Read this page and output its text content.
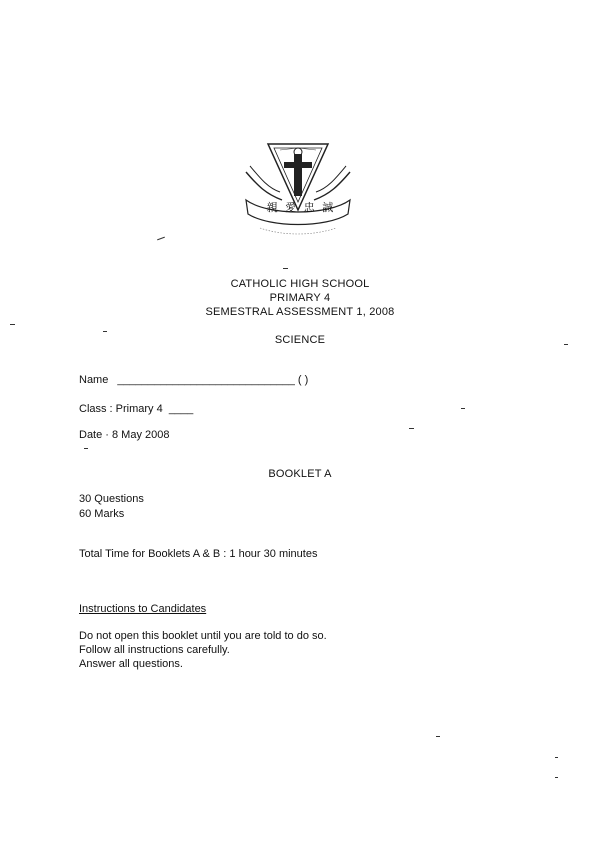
親 愛 忠 誠
CATHOLIC HIGH SCHOOL
PRIMARY 4
SEMESTRAL ASSESSMENT 1, 2008
SCIENCE
Name _____________________________ ( )
Class : Primary 4 ____
Date · 8 May 2008
BOOKLET A
30 Questions
60 Marks
Total Time for Booklets A & B : 1 hour 30 minutes
Instructions to Candidates
Do not open this booklet until you are told to do so.
Follow all instructions carefully.
Answer all questions.
